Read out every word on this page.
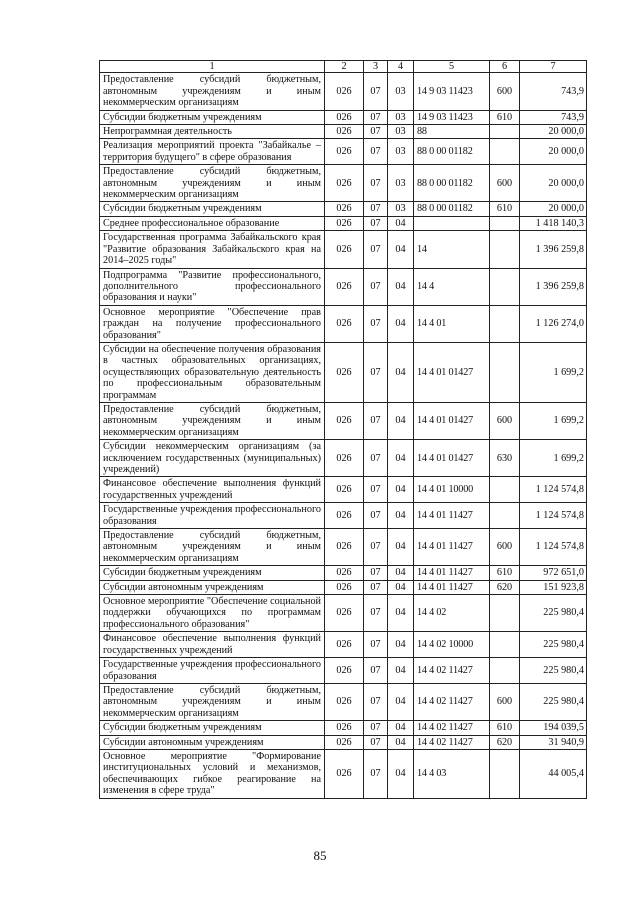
1	2	3	4	5	6	7
Предоставление субсидий бюджетным, автономным учреждениям и иным некоммерческим организациям	026	07	03	14 9 03 11423	600	743,9
Субсидии бюджетным учреждениям	026	07	03	14 9 03 11423	610	743,9
Непрограммная деятельность	026	07	03	88		20 000,0
Реализация мероприятий проекта "Забайкалье – территория будущего" в сфере образования	026	07	03	88 0 00 01182		20 000,0
Предоставление субсидий бюджетным, автономным учреждениям и иным некоммерческим организациям	026	07	03	88 0 00 01182	600	20 000,0
Субсидии бюджетным учреждениям	026	07	03	88 0 00 01182	610	20 000,0
Среднее профессиональное образование	026	07	04			1 418 140,3
Государственная программа Забайкальского края "Развитие образования Забайкальского края на 2014–2025 годы"	026	07	04	14		1 396 259,8
Подпрограмма "Развитие профессионального, дополнительного профессионального образования и науки"	026	07	04	14 4		1 396 259,8
Основное мероприятие "Обеспечение прав граждан на получение профессионального образования"	026	07	04	14 4 01		1 126 274,0
Субсидии на обеспечение получения образования в частных образовательных организациях, осуществляющих образовательную деятельность по профессиональным образовательным программам	026	07	04	14 4 01 01427		1 699,2
Предоставление субсидий бюджетным, автономным учреждениям и иным некоммерческим организациям	026	07	04	14 4 01 01427	600	1 699,2
Субсидии некоммерческим организациям (за исключением государственных (муниципальных) учреждений)	026	07	04	14 4 01 01427	630	1 699,2
Финансовое обеспечение выполнения функций государственных учреждений	026	07	04	14 4 01 10000		1 124 574,8
Государственные учреждения профессионального образования	026	07	04	14 4 01 11427		1 124 574,8
Предоставление субсидий бюджетным, автономным учреждениям и иным некоммерческим организациям	026	07	04	14 4 01 11427	600	1 124 574,8
Субсидии бюджетным учреждениям	026	07	04	14 4 01 11427	610	972 651,0
Субсидии автономным учреждениям	026	07	04	14 4 01 11427	620	151 923,8
Основное мероприятие "Обеспечение социальной поддержки обучающихся по программам профессионального образования"	026	07	04	14 4 02		225 980,4
Финансовое обеспечение выполнения функций государственных учреждений	026	07	04	14 4 02 10000		225 980,4
Государственные учреждения профессионального образования	026	07	04	14 4 02 11427		225 980,4
Предоставление субсидий бюджетным, автономным учреждениям и иным некоммерческим организациям	026	07	04	14 4 02 11427	600	225 980,4
Субсидии бюджетным учреждениям	026	07	04	14 4 02 11427	610	194 039,5
Субсидии автономным учреждениям	026	07	04	14 4 02 11427	620	31 940,9
Основное мероприятие "Формирование институциональных условий и механизмов, обеспечивающих гибкое реагирование на изменения в сфере труда"	026	07	04	14 4 03		44 005,4
85
